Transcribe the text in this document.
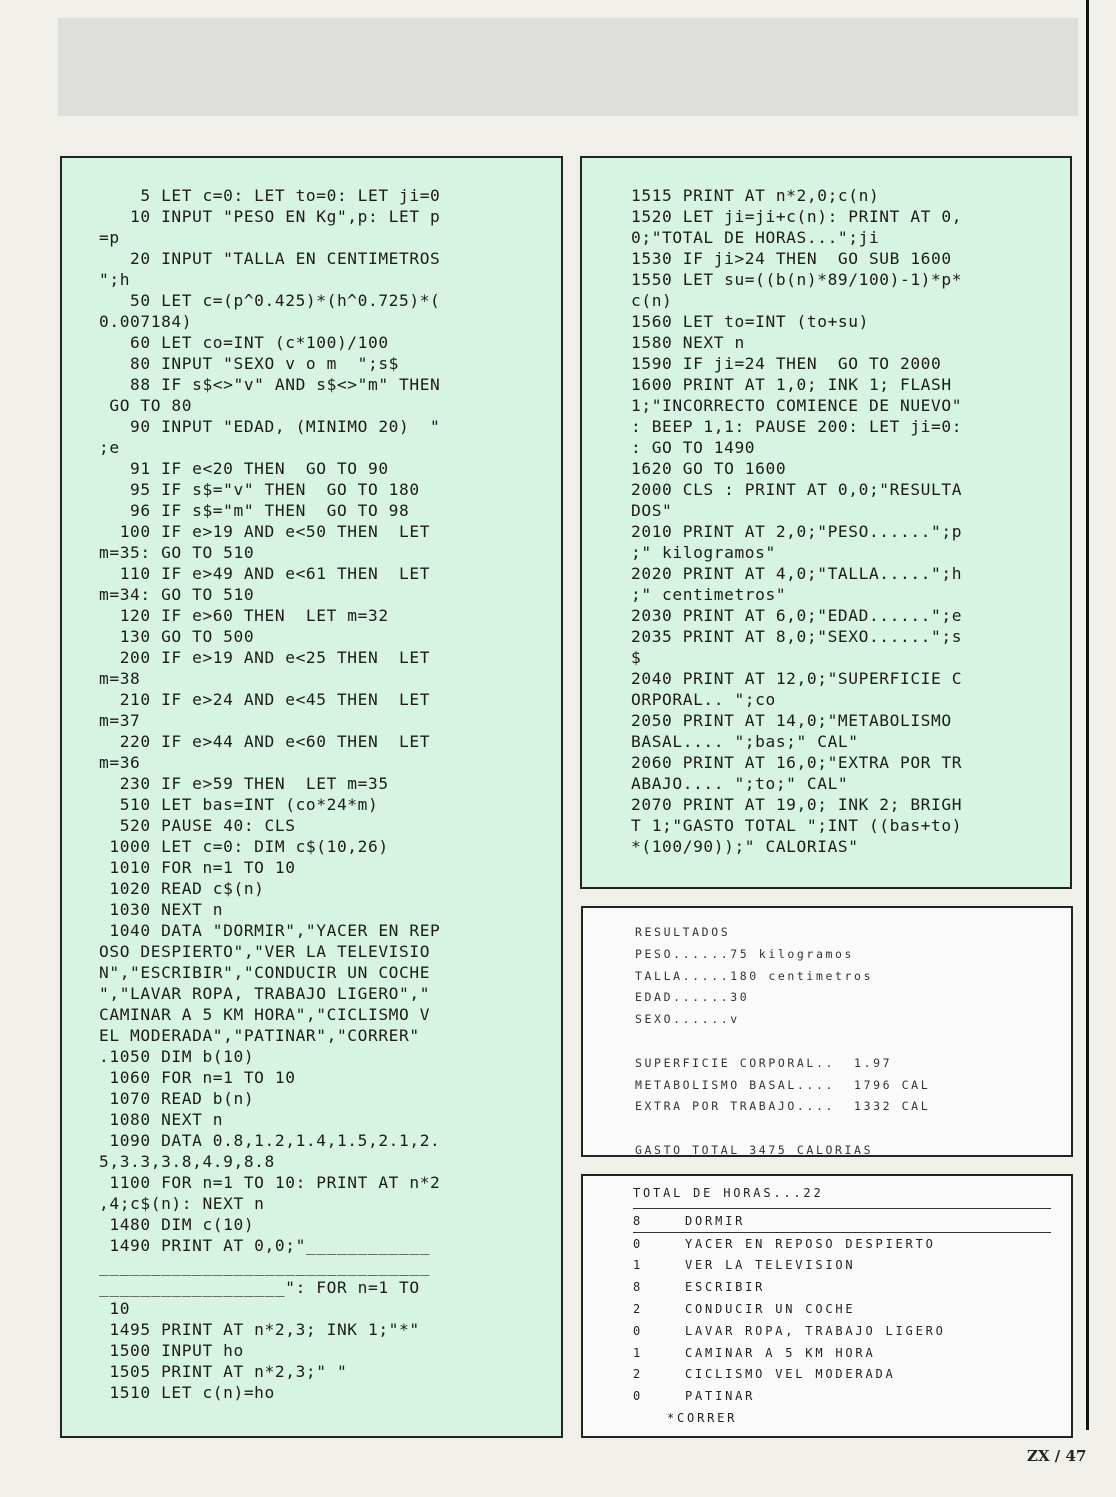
5 LET c=0: LET to=0: LET ji=0
10 INPUT "PESO EN Kg",p: LET p
=p
20 INPUT "TALLA EN CENTIMETROS
";h
50 LET c=(p^0.425)*(h^0.725)*(
0.007184)
60 LET co=INT (c*100)/100
80 INPUT "SEXO v o m  ";s$
88 IF s$<>"v" AND s$<>"m" THEN
GO TO 80
90 INPUT "EDAD, (MINIMO 20)  "
;e
91 IF e<20 THEN  GO TO 90
95 IF s$="v" THEN  GO TO 180
96 IF s$="m" THEN  GO TO 98
100 IF e>19 AND e<50 THEN  LET
m=35: GO TO 510
110 IF e>49 AND e<61 THEN  LET
m=34: GO TO 510
120 IF e>60 THEN  LET m=32
130 GO TO 500
200 IF e>19 AND e<25 THEN  LET
m=38
210 IF e>24 AND e<45 THEN  LET
m=37
220 IF e>44 AND e<60 THEN  LET
m=36
230 IF e>59 THEN  LET m=35
510 LET bas=INT (co*24*m)
520 PAUSE 40: CLS
1000 LET c=0: DIM c$(10,26)
1010 FOR n=1 TO 10
1020 READ c$(n)
1030 NEXT n
1040 DATA "DORMIR","YACER EN REP
OSO DESPIERTO","VER LA TELEVISIO
N","ESCRIBIR","CONDUCIR UN COCHE
","LAVAR ROPA, TRABAJO LIGERO","
CAMINAR A 5 KM HORA","CICLISMO V
EL MODERADA","PATINAR","CORRER"
.1050 DIM b(10)
1060 FOR n=1 TO 10
1070 READ b(n)
1080 NEXT n
1090 DATA 0.8,1.2,1.4,1.5,2.1,2.
5,3.3,3.8,4.9,8.8
1100 FOR n=1 TO 10: PRINT AT n*2
,4;c$(n): NEXT n
1480 DIM c(10)
1490 PRINT AT 0,0;"____________
________________________________
__________________": FOR n=1 TO
10
1495 PRINT AT n*2,3; INK 1;"*"
1500 INPUT ho
1505 PRINT AT n*2,3;" "
1510 LET c(n)=ho
1515 PRINT AT n*2,0;c(n)
1520 LET ji=ji+c(n): PRINT AT 0,
0;"TOTAL DE HORAS...";ji
1530 IF ji>24 THEN  GO SUB 1600
1550 LET su=((b(n)*89/100)-1)*p*
c(n)
1560 LET to=INT (to+su)
1580 NEXT n
1590 IF ji=24 THEN  GO TO 2000
1600 PRINT AT 1,0; INK 1; FLASH
1;"INCORRECTO COMIENCE DE NUEVO"
: BEEP 1,1: PAUSE 200: LET ji=0:
: GO TO 1490
1620 GO TO 1600
2000 CLS : PRINT AT 0,0;"RESULTA
DOS"
2010 PRINT AT 2,0;"PESO......";p
;" kilogramos"
2020 PRINT AT 4,0;"TALLA.....";h
;" centimetros"
2030 PRINT AT 6,0;"EDAD......";e
2035 PRINT AT 8,0;"SEXO......";s
$
2040 PRINT AT 12,0;"SUPERFICIE C
ORPORAL.. ";co
2050 PRINT AT 14,0;"METABOLISMO
BASAL.... ";bas;" CAL"
2060 PRINT AT 16,0;"EXTRA POR TR
ABAJO.... ";to;" CAL"
2070 PRINT AT 19,0; INK 2; BRIGH
T 1;"GASTO TOTAL ";INT ((bas+to)
*(100/90));" CALORIAS"
RESULTADOS
PESO......75 kilogramos
TALLA.....180 centimetros
EDAD......30
SEXO......v

SUPERFICIE CORPORAL..  1.97
METABOLISMO BASAL....  1796 CAL
EXTRA POR TRABAJO....  1332 CAL

GASTO TOTAL 3475 CALORIAS
TOTAL DE HORAS...22
8	DORMIR
0	YACER EN REPOSO DESPIERTO
1	VER LA TELEVISION
8	ESCRIBIR
2	CONDUCIR UN COCHE
0	LAVAR ROPA, TRABAJO LIGERO
1	CAMINAR A 5 KM HORA
2	CICLISMO VEL MODERADA
0	PATINAR
*CORRER
ZX / 47
